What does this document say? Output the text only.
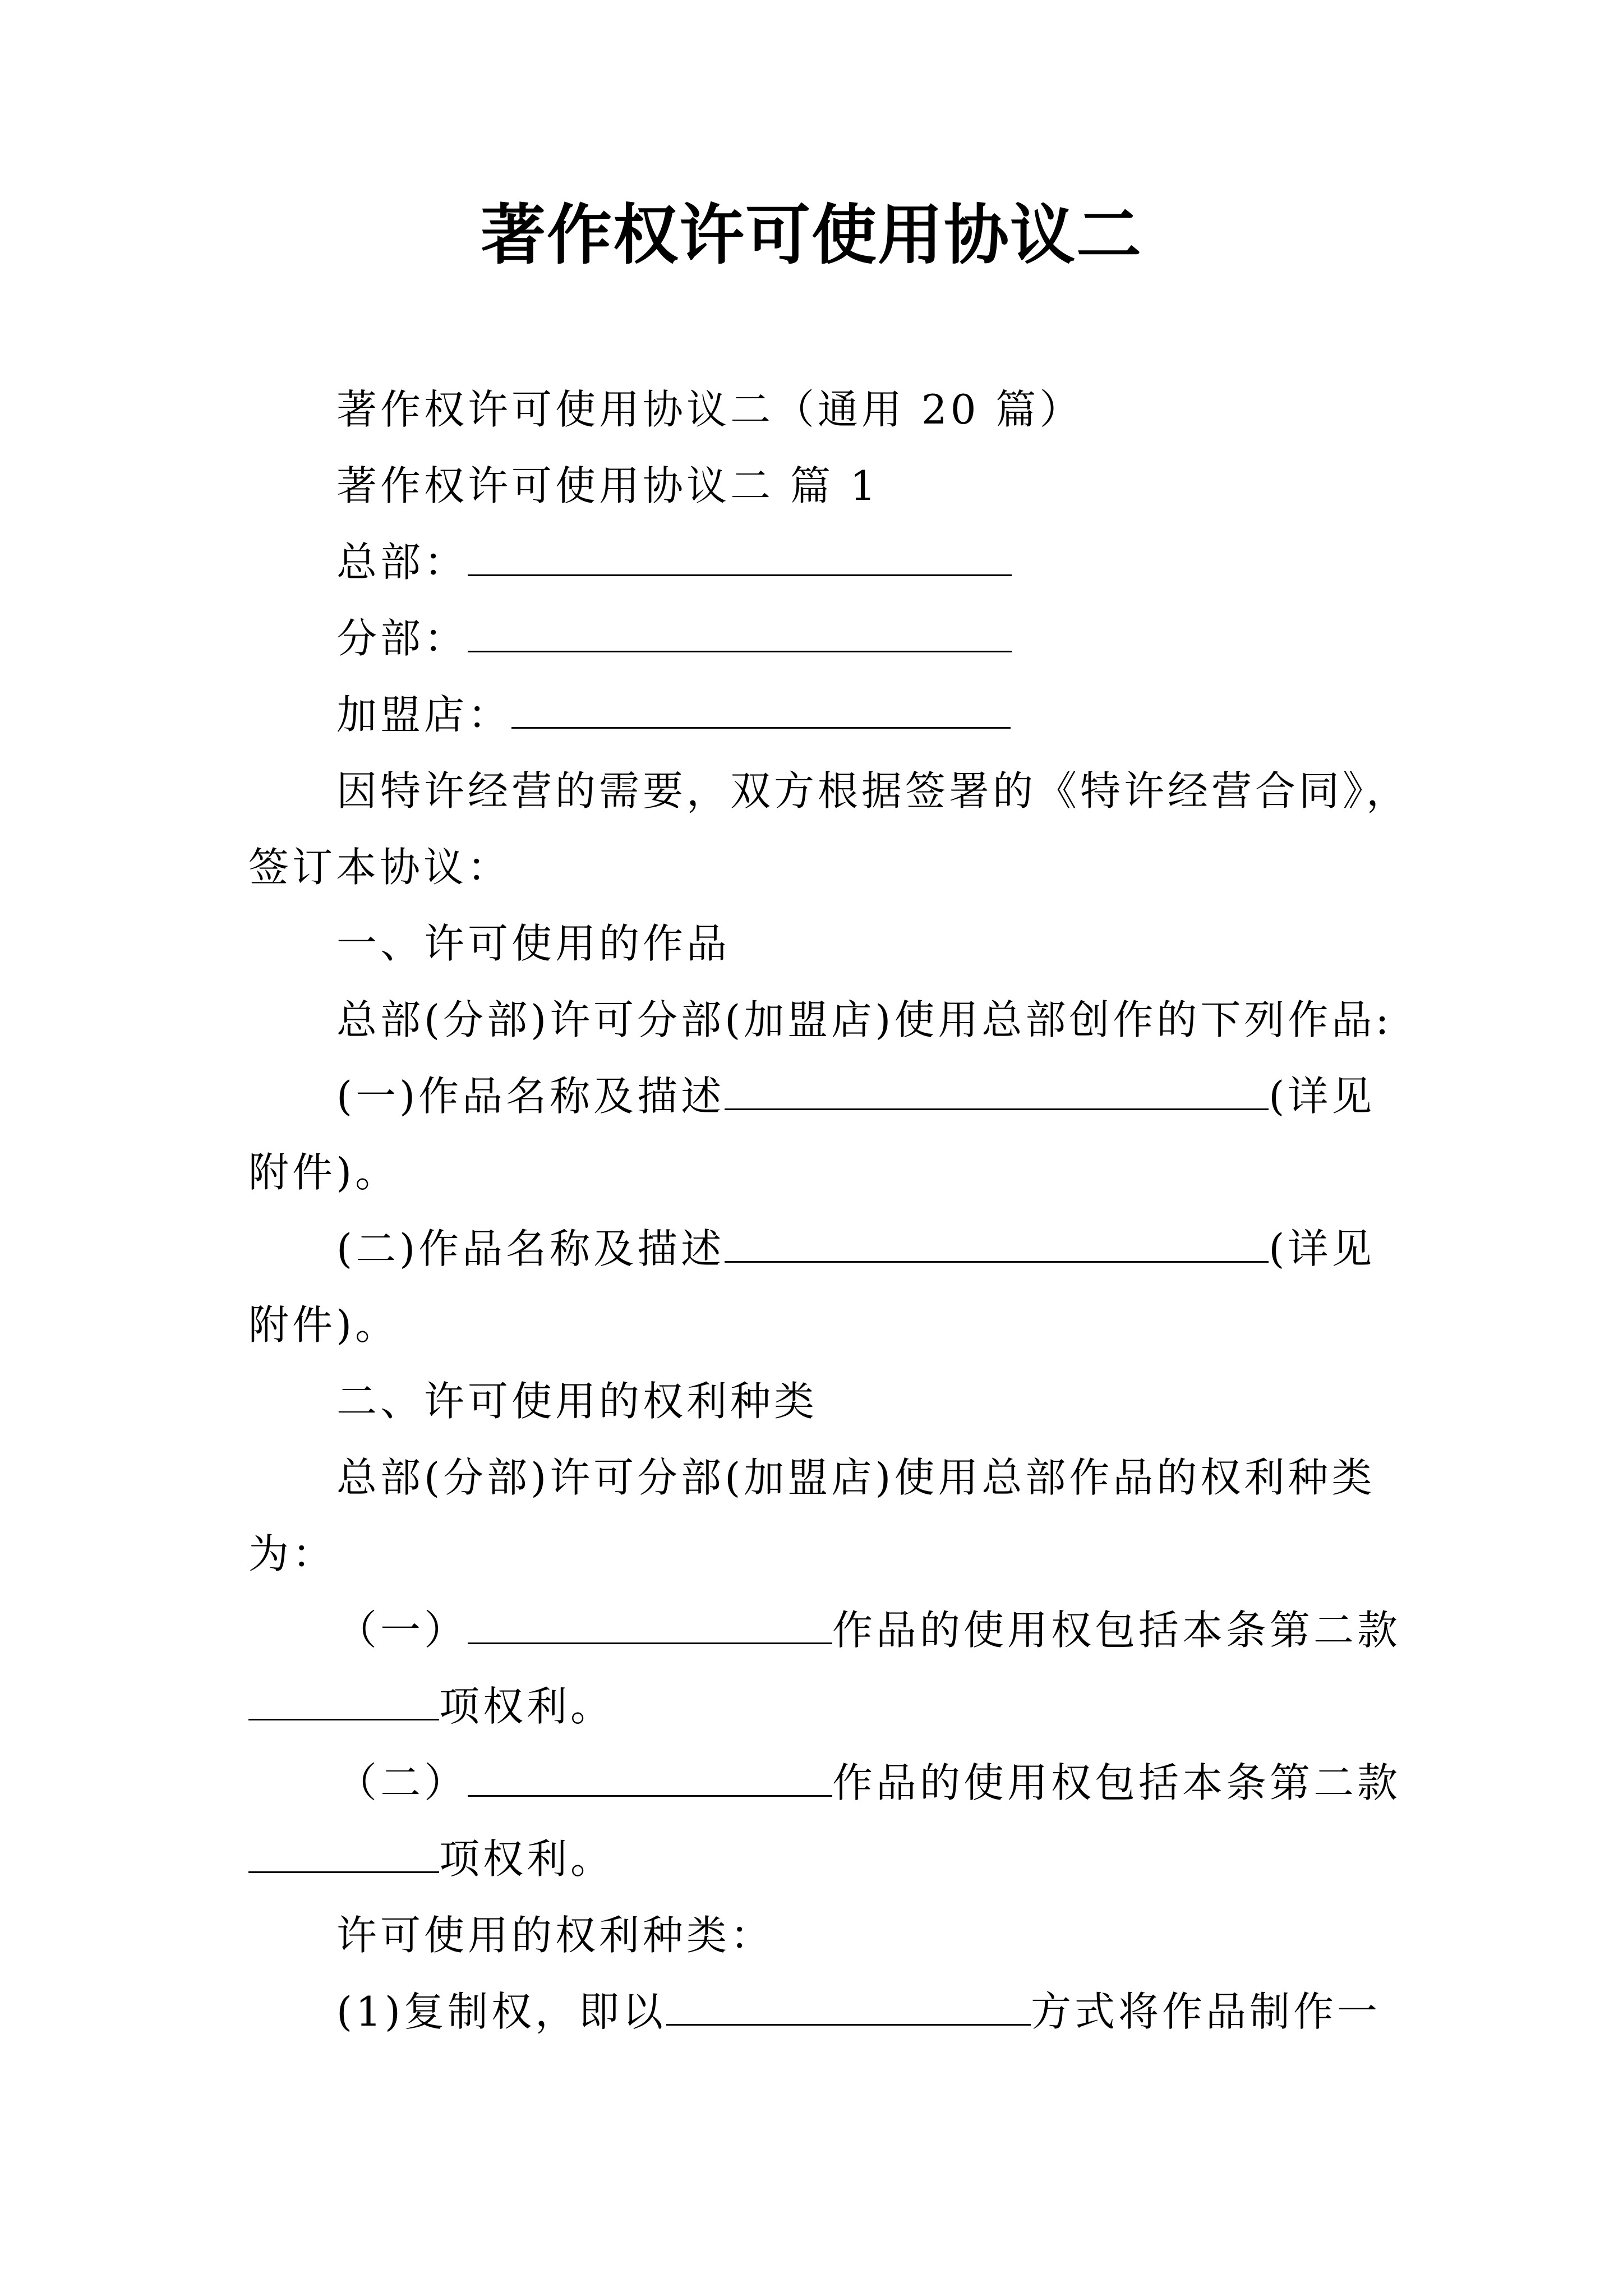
著作权许可使用协议二
著作权许可使用协议二（通用 20 篇）
著作权许可使用协议二 篇 1
总部：
分部：
加盟店：
因特许经营的需要，双方根据签署的《特许经营合同》，
签订本协议：
一、许可使用的作品
总部(分部)许可分部(加盟店)使用总部创作的下列作品:
(一)作品名称及描述	(详见
附件)。
(二)作品名称及描述	(详见
附件)。
二、许可使用的权利种类
总部(分部)许可分部(加盟店)使用总部作品的权利种类
为：
（一）	作品的使用权包括本条第二款
项权利。
（二）	作品的使用权包括本条第二款
项权利。
许可使用的权利种类：
(1)复制权，即以	方式将作品制作一
